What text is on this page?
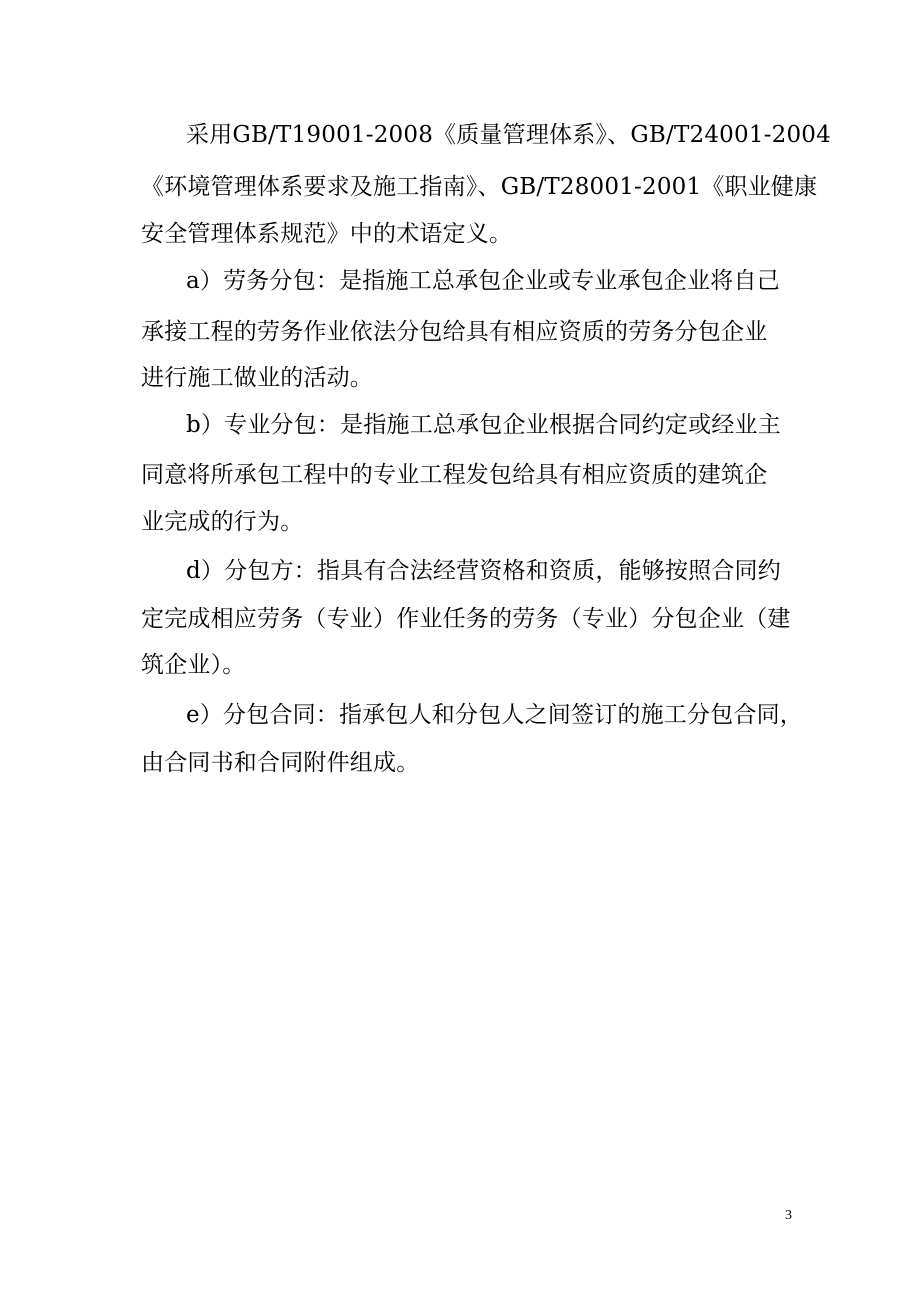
采用GB/T19001-2008《质量管理体系》、GB/T24001-2004
《环境管理体系要求及施工指南》、GB/T28001-2001《职业健康
安全管理体系规范》中的术语定义。
a）劳务分包：是指施工总承包企业或专业承包企业将自己
承接工程的劳务作业依法分包给具有相应资质的劳务分包企业
进行施工做业的活动。
b）专业分包：是指施工总承包企业根据合同约定或经业主
同意将所承包工程中的专业工程发包给具有相应资质的建筑企
业完成的行为。
d）分包方：指具有合法经营资格和资质，能够按照合同约
定完成相应劳务（专业）作业任务的劳务（专业）分包企业（建
筑企业）。
e）分包合同：指承包人和分包人之间签订的施工分包合同，
由合同书和合同附件组成。
3
